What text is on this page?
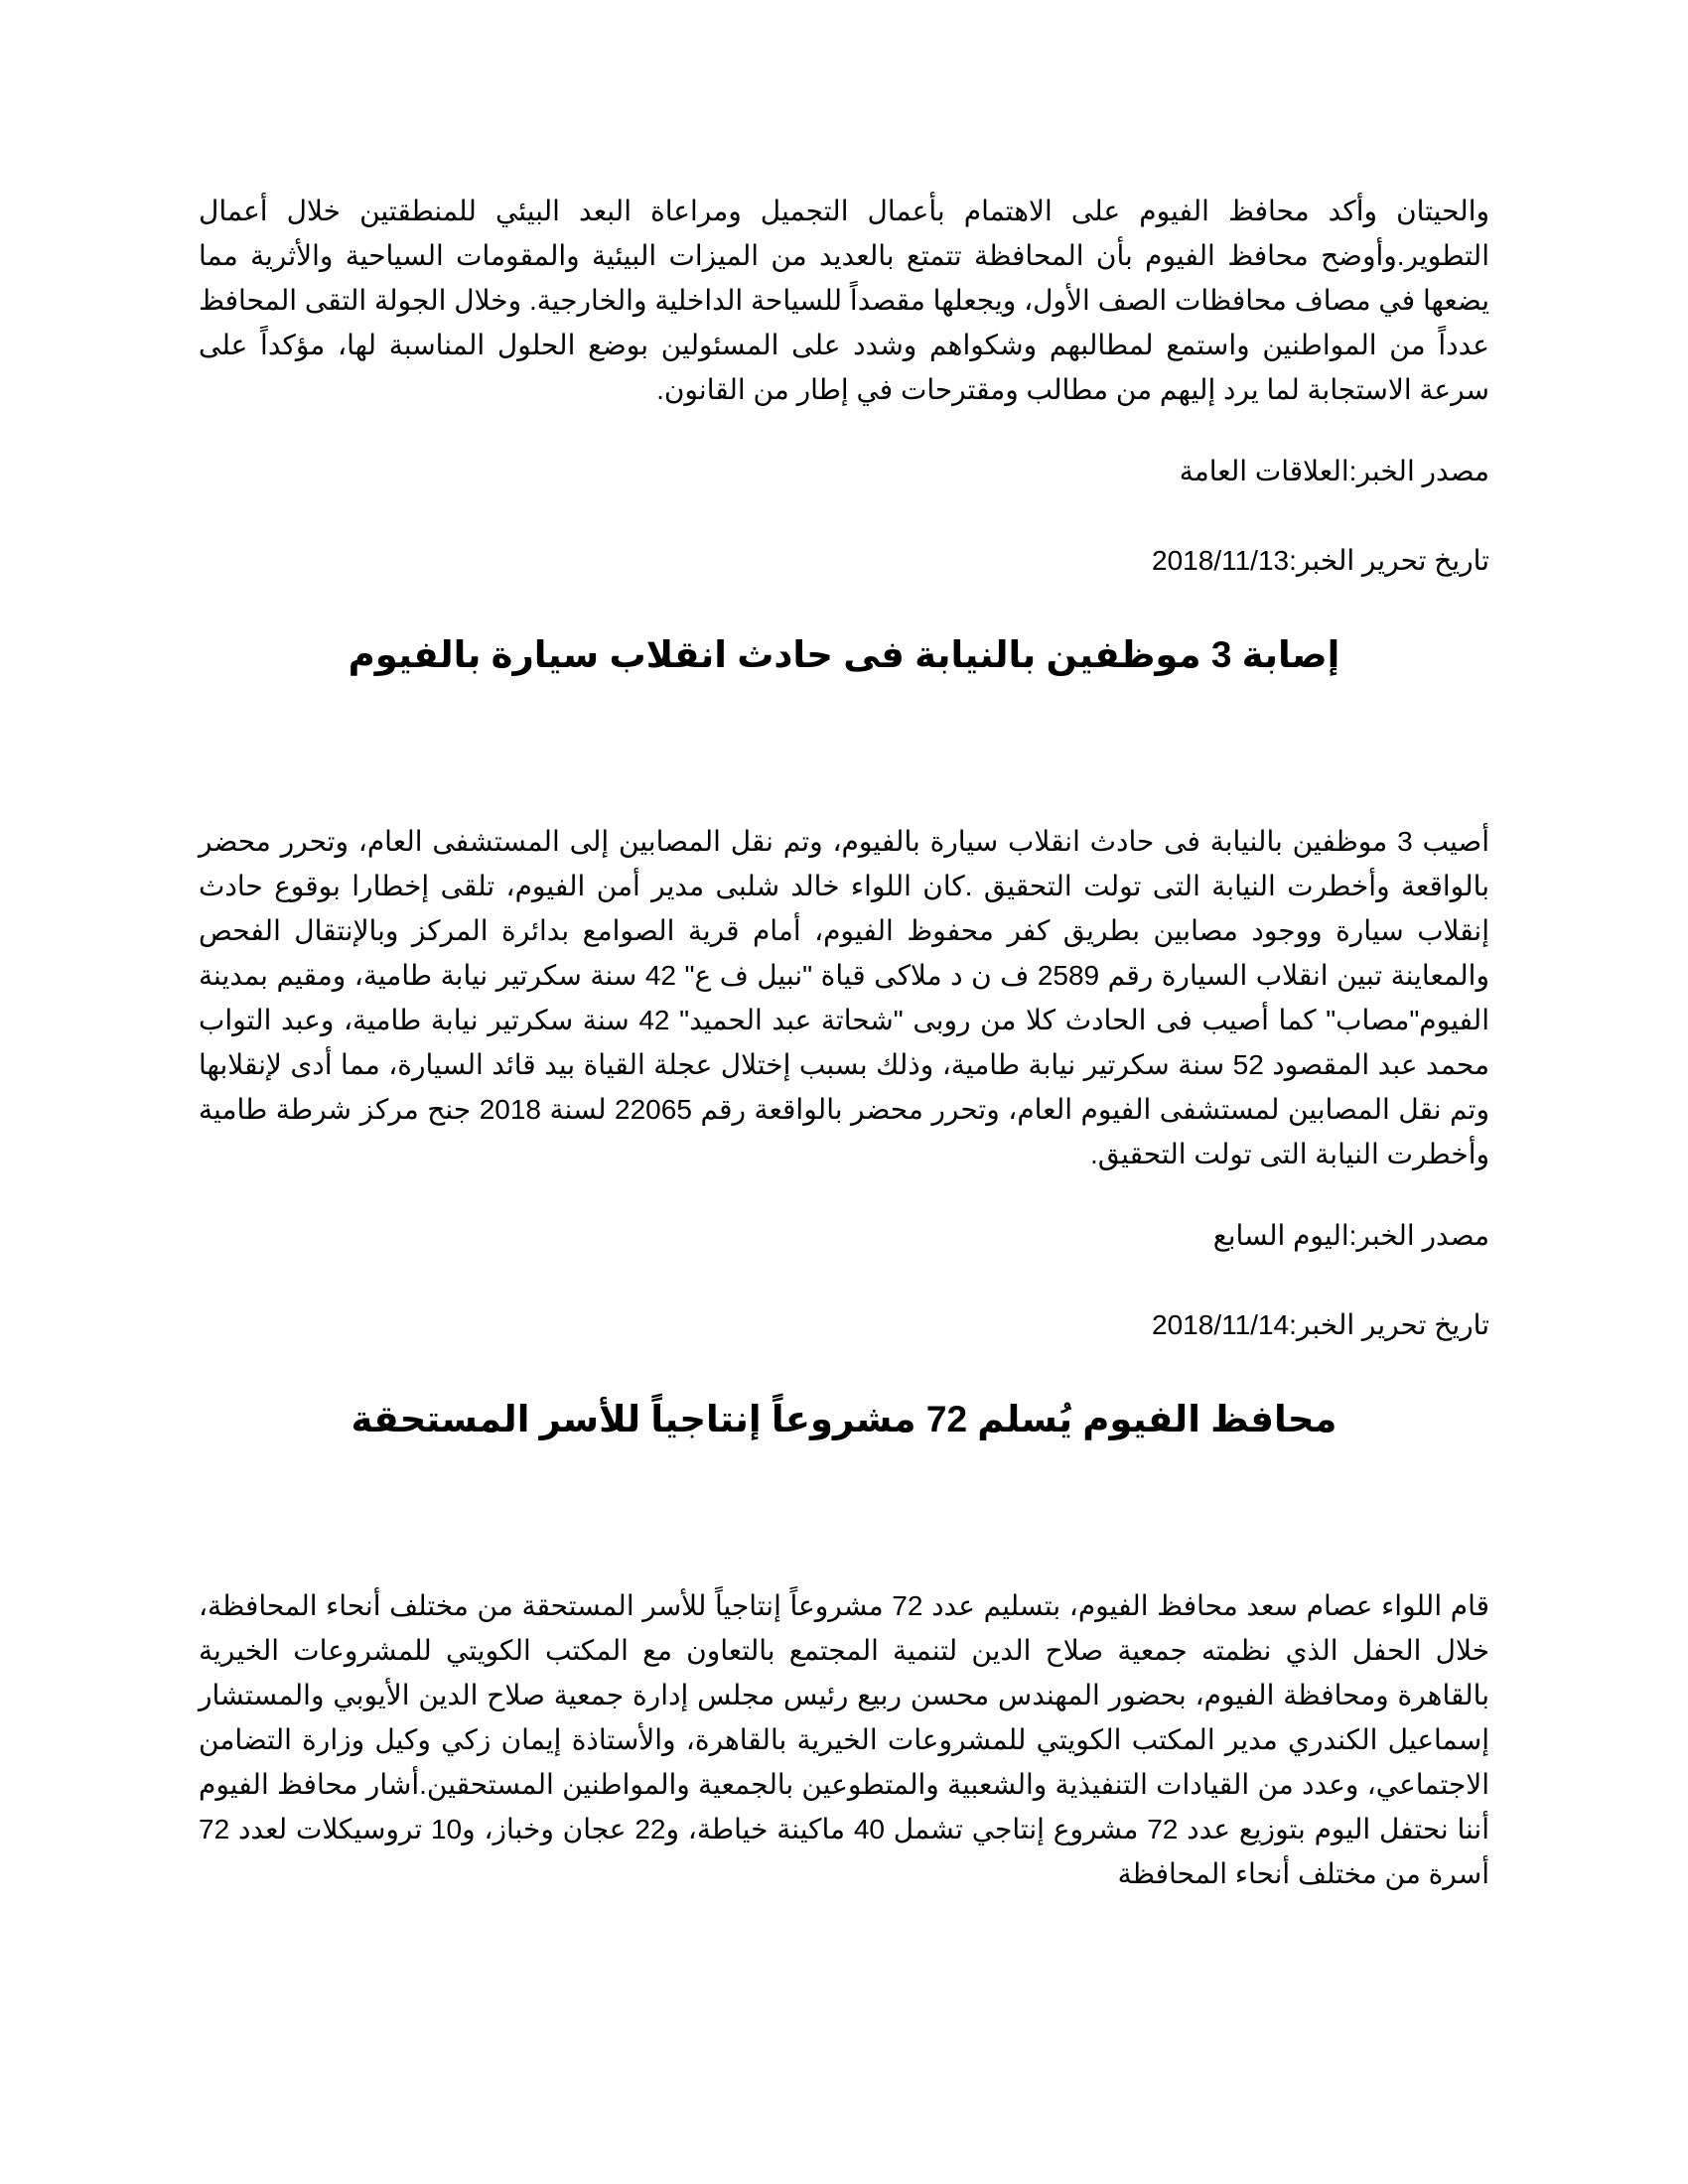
والحيتان وأكد محافظ الفيوم على الاهتمام بأعمال التجميل ومراعاة البعد البيئي للمنطقتين خلال أعمال التطوير.وأوضح محافظ الفيوم بأن المحافظة تتمتع بالعديد من الميزات البيئية والمقومات السياحية والأثرية مما يضعها في مصاف محافظات الصف الأول، ويجعلها مقصداً للسياحة الداخلية والخارجية. وخلال الجولة التقى المحافظ عدداً من المواطنين واستمع لمطالبهم وشكواهم وشدد على المسئولين بوضع الحلول المناسبة لها، مؤكداً على سرعة الاستجابة لما يرد إليهم من مطالب ومقترحات في إطار من القانون.

مصدر الخبر:العلاقات العامة

تاريخ تحرير الخبر:2018/11/13

إصابة 3 موظفين بالنيابة فى حادث انقلاب سيارة بالفيوم

أصيب 3 موظفين بالنيابة فى حادث انقلاب سيارة بالفيوم، وتم نقل المصابين إلى المستشفى العام، وتحرر محضر بالواقعة وأخطرت النيابة التى تولت التحقيق .كان اللواء خالد شلبى مدير أمن الفيوم، تلقى إخطارا بوقوع حادث إنقلاب سيارة ووجود مصابين بطريق كفر محفوظ الفيوم، أمام قرية الصوامع بدائرة المركز وبالإنتقال الفحص والمعاينة تبين انقلاب السيارة رقم 2589 ف ن د ملاكى قياة "نبيل ف ع" 42 سنة سكرتير نيابة طامية، ومقيم بمدينة الفيوم"مصاب" كما أصيب فى الحادث كلا من روبى "شحاتة عبد الحميد" 42 سنة سكرتير نيابة طامية، وعبد التواب محمد عبد المقصود 52 سنة سكرتير نيابة طامية، وذلك بسبب إختلال عجلة القياة بيد قائد السيارة، مما أدى لإنقلابها وتم نقل المصابين لمستشفى الفيوم العام، وتحرر محضر بالواقعة رقم 22065 لسنة 2018 جنح مركز شرطة طامية وأخطرت النيابة التى تولت التحقيق.

مصدر الخبر:اليوم السابع

تاريخ تحرير الخبر:2018/11/14

محافظ الفيوم يُسلم 72 مشروعاً إنتاجياً للأسر المستحقة

قام اللواء عصام سعد محافظ الفيوم، بتسليم عدد 72 مشروعاً إنتاجياً للأسر المستحقة من مختلف أنحاء المحافظة، خلال الحفل الذي نظمته جمعية صلاح الدين لتنمية المجتمع بالتعاون مع المكتب الكويتي للمشروعات الخيرية بالقاهرة ومحافظة الفيوم، بحضور المهندس محسن ربيع رئيس مجلس إدارة جمعية صلاح الدين الأيوبي والمستشار إسماعيل الكندري مدير المكتب الكويتي للمشروعات الخيرية بالقاهرة، والأستاذة إيمان زكي وكيل وزارة التضامن الاجتماعي، وعدد من القيادات التنفيذية والشعبية والمتطوعين بالجمعية والمواطنين المستحقين.أشار محافظ الفيوم أننا نحتفل اليوم بتوزيع عدد 72 مشروع إنتاجي تشمل 40 ماكينة خياطة، و22 عجان وخباز، و10 تروسيكلات لعدد 72 أسرة من مختلف أنحاء المحافظة
